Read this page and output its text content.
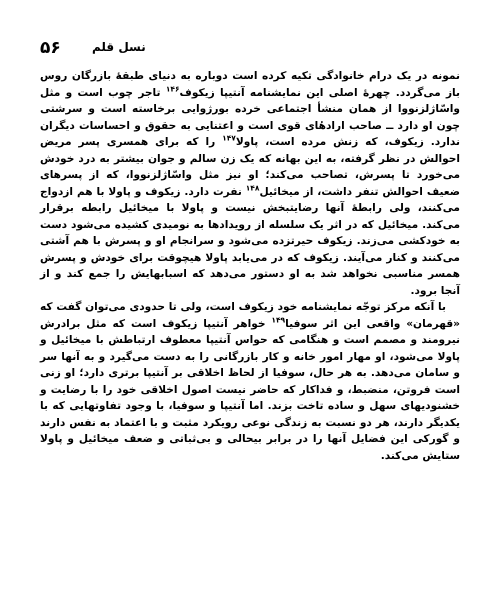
۵۶	نسل قلم

نمونه در یک درام خانوادگی تکیه کرده است دوباره به دنیای طبقهٔ بازرگان روس باز می‌گردد. چهرهٔ اصلی این نمایشنامه آنتیپا زیکوف$^{۱۴۶}$ تاجر چوب است و مثل واسّاژلزنووا از همان منشأ اجتماعی خرده بورژوایی برخاسته است و سرشتی چون او دارد ــ صاحب ارادهٔای قوی است و اعتنایی به حقوق و احساسات دیگران ندارد. زیکوف، که زنش مرده است، پاولا$^{۱۴۷}$ را که برای همسری پسر مریض احوالش در نظر گرفته، به این بهانه که یک زن سالم و جوان بیشتر به درد خودش می‌خورد تا پسرش، تصاحب می‌کند؛ او نیز مثل واسّاژلزنووا، که از پسرهای ضعیف احوالش تنفر داشت، از میخائیل$^{۱۴۸}$ نفرت دارد. زیکوف و پاولا با هم ازدواج می‌کنند، ولی رابطهٔ آنها رضایتبخش نیست و پاولا با میخائیل رابطه برقرار می‌کند. میخائیل که در اثر یک سلسله از رویدادها به نومیدی کشیده می‌شود دست به خودکشی می‌زند. زیکوف حیرتزده می‌شود و سرانجام او و پسرش با هم آشتی می‌کنند و کنار می‌آیند. زیکوف که در می‌یابد پاولا هیچوقت برای خودش و پسرش همسر مناسبی نخواهد شد به او دستور می‌دهد که اسبابهایش را جمع کند و از آنجا برود.

با آنکه مرکز توجّه نمایشنامه خود زیکوف است، ولی تا حدودی می‌توان گفت که «قهرمان» واقعی این اثر سوفیا$^{۱۴۹}$ خواهر آنتیپا زیکوف است که مثل برادرش نیرومند و مصمم است و هنگامی که حواس آنتیپا معطوف ارتباطش با میخائیل و پاولا می‌شود، او مهار امور خانه و کار بازرگانی را به دست می‌گیرد و به آنها سر و سامان می‌دهد. به هر حال، سوفیا از لحاظ اخلاقی بر آنتیپا برتری دارد؛ او زنی است فروتن، منضبط، و فداکار که حاضر نیست اصول اخلاقی خود را با رضایت و خشنودیهای سهل و ساده تاخت بزند. اما آنتیپا و سوفیا، با وجود تفاوتهایی که با یکدیگر دارند، هر دو نسبت به زندگی نوعی رویکرد مثبت و با اعتماد به نفس دارند و گورکی این فضایل آنها را در برابر بیحالی و بی‌ثباتی و ضعف میخائیل و پاولا ستایش می‌کند.
